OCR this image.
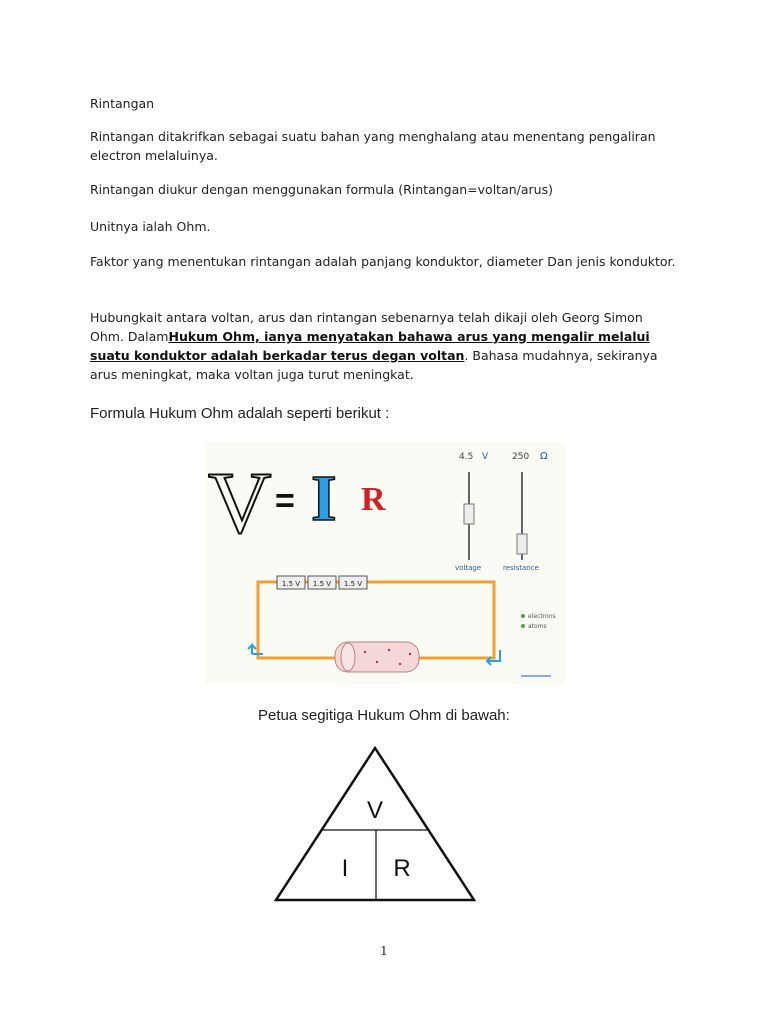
Rintangan

Rintangan ditakrifkan sebagai suatu bahan yang menghalang atau menentang pengaliran electron melaluinya.

Rintangan diukur dengan menggunakan formula (Rintangan=voltan/arus)

Unitnya ialah Ohm.

Faktor yang menentukan rintangan adalah panjang konduktor, diameter Dan jenis konduktor.

Hubungkait antara voltan, arus dan rintangan sebenarnya telah dikaji oleh Georg Simon Ohm. DalamHukum Ohm, ianya menyatakan bahawa arus yang mengalir melalui suatu konduktor adalah berkadar terus degan voltan. Bahasa mudahnya, sekiranya arus meningkat, maka voltan juga turut meningkat.

Formula Hukum Ohm adalah seperti berikut :

V = I R
4.5 V	250 Ω
voltage	resistance
1.5 V 1.5 V 1.5 V
electrons
atoms

Petua segitiga Hukum Ohm di bawah:

V
I R
1
